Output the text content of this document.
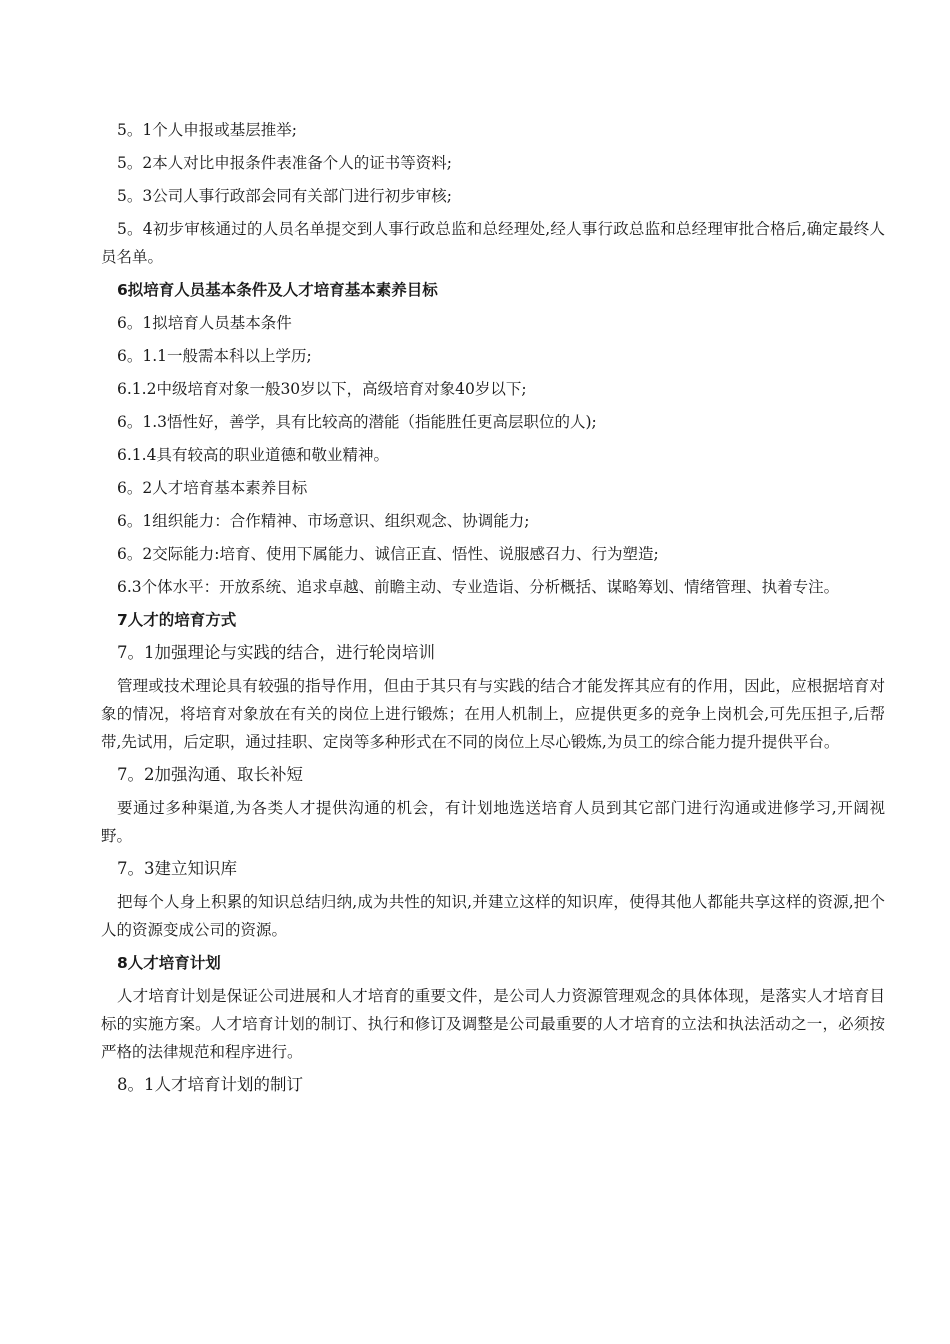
5。1个人申报或基层推举;
5。2本人对比申报条件表准备个人的证书等资料;
5。3公司人事行政部会同有关部门进行初步审核;
5。4初步审核通过的人员名单提交到人事行政总监和总经理处,经人事行政总监和总经理审批合格后,确定最终人员名单。
6拟培育人员基本条件及人才培育基本素养目标
6。1拟培育人员基本条件
6。1.1一般需本科以上学历;
6.1.2中级培育对象一般30岁以下，高级培育对象40岁以下;
6。1.3悟性好，善学，具有比较高的潜能（指能胜任更高层职位的人);
6.1.4具有较高的职业道德和敬业精神。
6。2人才培育基本素养目标
6。1组织能力：合作精神、市场意识、组织观念、协调能力;
6。2交际能力:培育、使用下属能力、诚信正直、悟性、说服感召力、行为塑造;
6.3个体水平：开放系统、追求卓越、前瞻主动、专业造诣、分析概括、谋略筹划、情绪管理、执着专注。
7人才的培育方式
7。1加强理论与实践的结合，进行轮岗培训
管理或技术理论具有较强的指导作用，但由于其只有与实践的结合才能发挥其应有的作用，因此，应根据培育对象的情况，将培育对象放在有关的岗位上进行锻炼；在用人机制上，应提供更多的竞争上岗机会,可先压担子,后帮带,先试用，后定职，通过挂职、定岗等多种形式在不同的岗位上尽心锻炼,为员工的综合能力提升提供平台。
7。2加强沟通、取长补短
要通过多种渠道,为各类人才提供沟通的机会，有计划地选送培育人员到其它部门进行沟通或进修学习,开阔视野。
7。3建立知识库
把每个人身上积累的知识总结归纳,成为共性的知识,并建立这样的知识库，使得其他人都能共享这样的资源,把个人的资源变成公司的资源。
8人才培育计划
人才培育计划是保证公司进展和人才培育的重要文件，是公司人力资源管理观念的具体体现，是落实人才培育目标的实施方案。人才培育计划的制订、执行和修订及调整是公司最重要的人才培育的立法和执法活动之一，必须按严格的法律规范和程序进行。
8。1人才培育计划的制订
